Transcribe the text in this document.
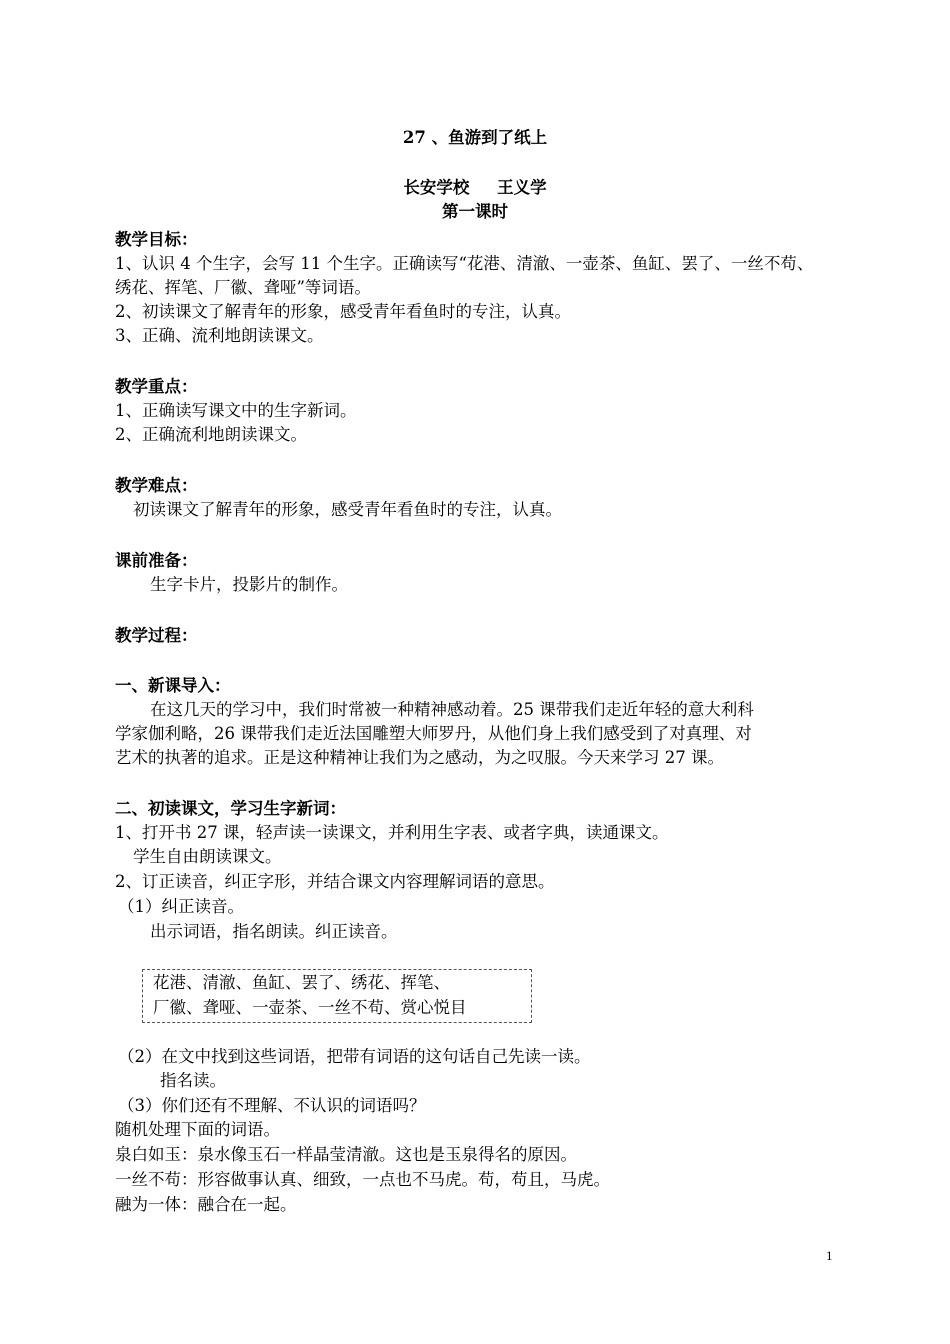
27 、鱼游到了纸上
长安学校 王义学
第一课时
教学目标：
1、认识 4 个生字，会写 11 个生字。正确读写“花港、清澈、一壶茶、鱼缸、罢了、一丝不苟、
绣花、挥笔、厂徽、聋哑”等词语。
2、初读课文了解青年的形象，感受青年看鱼时的专注，认真。
3、正确、流利地朗读课文。
教学重点：
1、正确读写课文中的生字新词。
2、正确流利地朗读课文。
教学难点：
初读课文了解青年的形象，感受青年看鱼时的专注，认真。
课前准备：
生字卡片，投影片的制作。
教学过程：
一、新课导入：
在这几天的学习中，我们时常被一种精神感动着。25 课带我们走近年轻的意大利科
学家伽利略，26 课带我们走近法国雕塑大师罗丹，从他们身上我们感受到了对真理、对
艺术的执著的追求。正是这种精神让我们为之感动，为之叹服。今天来学习 27 课。
二、初读课文，学习生字新词：
1、打开书 27 课，轻声读一读课文，并利用生字表、或者字典，读通课文。
学生自由朗读课文。
2、订正读音，纠正字形，并结合课文内容理解词语的意思。
（1）纠正读音。
出示词语，指名朗读。纠正读音。
花港、清澈、鱼缸、罢了、绣花、挥笔、
厂徽、聋哑、一壶茶、一丝不苟、赏心悦目
（2）在文中找到这些词语，把带有词语的这句话自己先读一读。
指名读。
（3）你们还有不理解、不认识的词语吗？
随机处理下面的词语。
泉白如玉：泉水像玉石一样晶莹清澈。这也是玉泉得名的原因。
一丝不苟：形容做事认真、细致，一点也不马虎。苟，苟且，马虎。
融为一体：融合在一起。
1
